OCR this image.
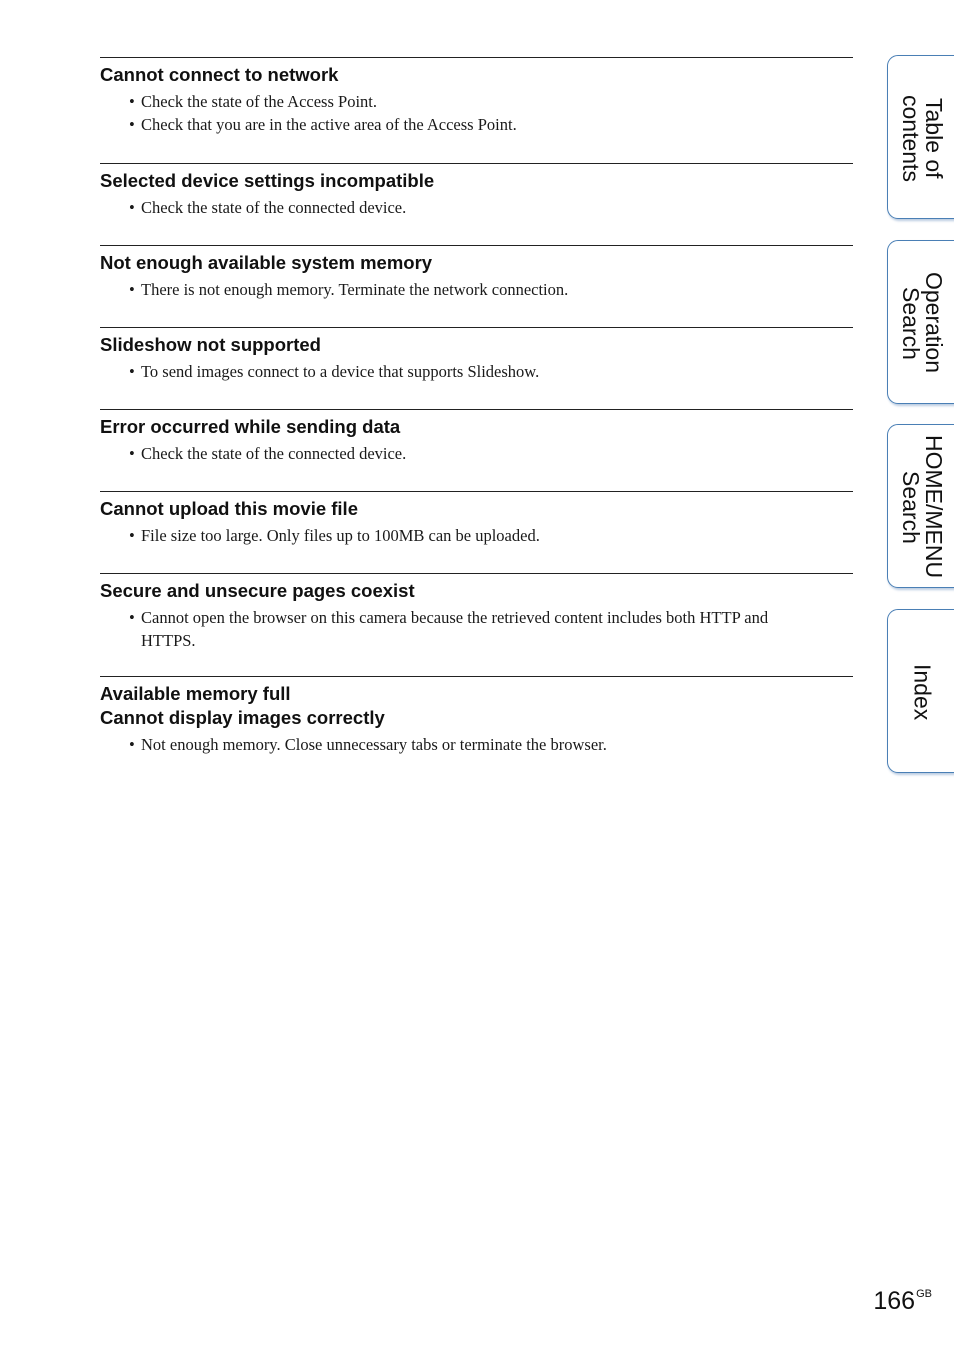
Cannot connect to network
• Check the state of the Access Point.
• Check that you are in the active area of the Access Point.
Selected device settings incompatible
• Check the state of the connected device.
Not enough available system memory
• There is not enough memory. Terminate the network connection.
Slideshow not supported
• To send images connect to a device that supports Slideshow.
Error occurred while sending data
• Check the state of the connected device.
Cannot upload this movie file
• File size too large. Only files up to 100MB can be uploaded.
Secure and unsecure pages coexist
• Cannot open the browser on this camera because the retrieved content includes both HTTP and HTTPS.
Available memory full
Cannot display images correctly
• Not enough memory. Close unnecessary tabs or terminate the browser.
Table of
contents
Operation
Search
HOME/MENU
Search
Index
$166^{GB}$
